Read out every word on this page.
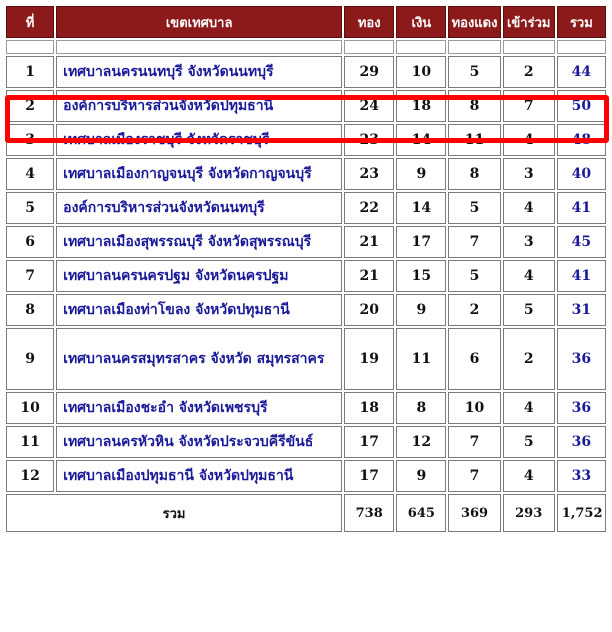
ที่	เขตเทศบาล	ทอง	เงิน	ทองแดง	เข้าร่วม	รวม

1	เทศบาลนครนนทบุรี จังหวัดนนทบุรี	29	10	5	2	44
2	องค์การบริหารส่วนจังหวัดปทุมธานี	24	18	8	7	50
3	เทศบาลเมืองราชบุรี จังหวัดราชบุรี	23	14	11	4	48
4	เทศบาลเมืองกาญจนบุรี จังหวัดกาญจนบุรี	23	9	8	3	40
5	องค์การบริหารส่วนจังหวัดนนทบุรี	22	14	5	4	41
6	เทศบาลเมืองสุพรรณบุรี จังหวัดสุพรรณบุรี	21	17	7	3	45
7	เทศบาลนครนครปฐม จังหวัดนครปฐม	21	15	5	4	41
8	เทศบาลเมืองท่าโขลง จังหวัดปทุมธานี	20	9	2	5	31
9	เทศบาลนครสมุทรสาคร จังหวัด สมุทรสาคร	19	11	6	2	36
10	เทศบาลเมืองชะอำ จังหวัดเพชรบุรี	18	8	10	4	36
11	เทศบาลนครหัวหิน จังหวัดประจวบคีรีขันธ์	17	12	7	5	36
12	เทศบาลเมืองปทุมธานี จังหวัดปทุมธานี	17	9	7	4	33
รวม		738	645	369	293	1,752
